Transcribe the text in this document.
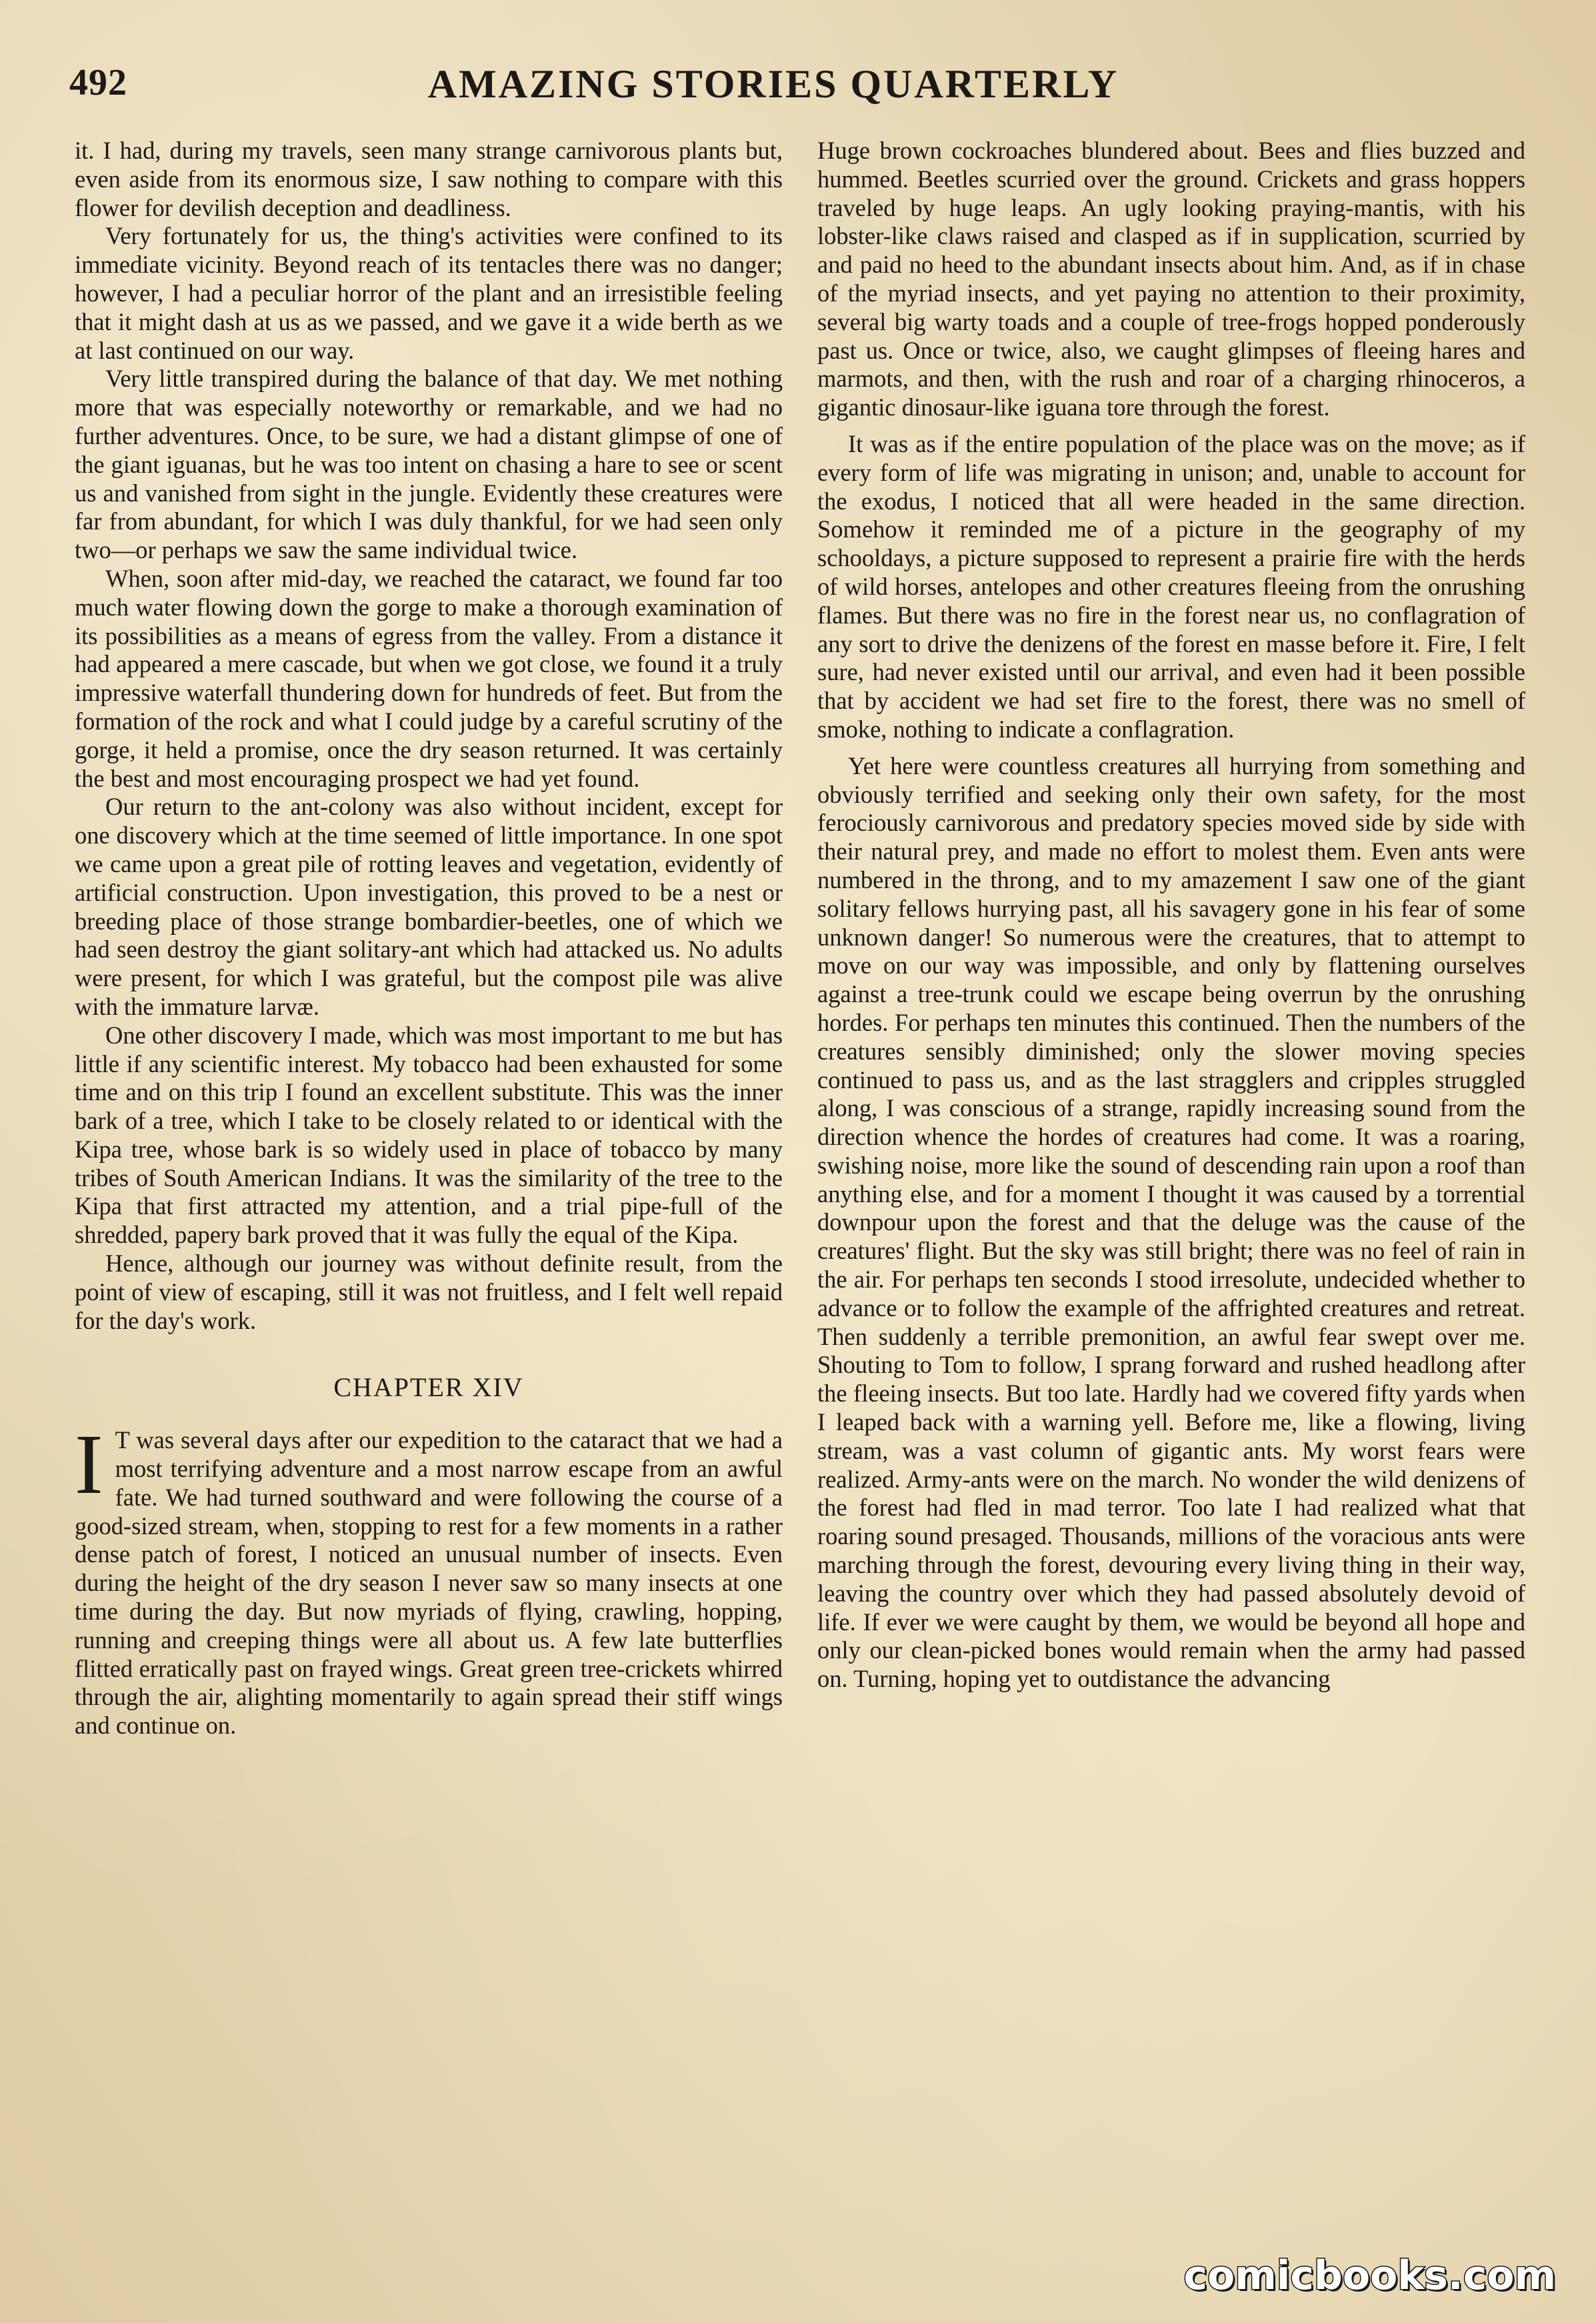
492	AMAZING STORIES QUARTERLY

it. I had, during my travels, seen many strange carnivorous plants but, even aside from its enormous size, I saw nothing to compare with this flower for devilish deception and deadliness.

Very fortunately for us, the thing's activities were confined to its immediate vicinity. Beyond reach of its tentacles there was no danger; however, I had a peculiar horror of the plant and an irresistible feeling that it might dash at us as we passed, and we gave it a wide berth as we at last continued on our way.

Very little transpired during the balance of that day. We met nothing more that was especially noteworthy or remarkable, and we had no further adventures. Once, to be sure, we had a distant glimpse of one of the giant iguanas, but he was too intent on chasing a hare to see or scent us and vanished from sight in the jungle. Evidently these creatures were far from abundant, for which I was duly thankful, for we had seen only two—or perhaps we saw the same individual twice.

When, soon after mid-day, we reached the cataract, we found far too much water flowing down the gorge to make a thorough examination of its possibilities as a means of egress from the valley. From a distance it had appeared a mere cascade, but when we got close, we found it a truly impressive waterfall thundering down for hundreds of feet. But from the formation of the rock and what I could judge by a careful scrutiny of the gorge, it held a promise, once the dry season returned. It was certainly the best and most encouraging prospect we had yet found.

Our return to the ant-colony was also without incident, except for one discovery which at the time seemed of little importance. In one spot we came upon a great pile of rotting leaves and vegetation, evidently of artificial construction. Upon investigation, this proved to be a nest or breeding place of those strange bombardier-beetles, one of which we had seen destroy the giant solitary-ant which had attacked us. No adults were present, for which I was grateful, but the compost pile was alive with the immature larvæ.

One other discovery I made, which was most important to me but has little if any scientific interest. My tobacco had been exhausted for some time and on this trip I found an excellent substitute. This was the inner bark of a tree, which I take to be closely related to or identical with the Kipa tree, whose bark is so widely used in place of tobacco by many tribes of South American Indians. It was the similarity of the tree to the Kipa that first attracted my attention, and a trial pipe-full of the shredded, papery bark proved that it was fully the equal of the Kipa.

Hence, although our journey was without definite result, from the point of view of escaping, still it was not fruitless, and I felt well repaid for the day's work.

CHAPTER XIV

I T was several days after our expedition to the cataract that we had a most terrifying adventure and a most narrow escape from an awful fate. We had turned southward and were following the course of a good-sized stream, when, stopping to rest for a few moments in a rather dense patch of forest, I noticed an unusual number of insects. Even during the height of the dry season I never saw so many insects at one time during the day. But now myriads of flying, crawling, hopping, running and creeping things were all about us. A few late butterflies flitted erratically past on frayed wings. Great green tree-crickets whirred through the air, alighting momentarily to again spread their stiff wings and continue on.

Huge brown cockroaches blundered about. Bees and flies buzzed and hummed. Beetles scurried over the ground. Crickets and grass hoppers traveled by huge leaps. An ugly looking praying-mantis, with his lobster-like claws raised and clasped as if in supplication, scurried by and paid no heed to the abundant insects about him. And, as if in chase of the myriad insects, and yet paying no attention to their proximity, several big warty toads and a couple of tree-frogs hopped ponderously past us. Once or twice, also, we caught glimpses of fleeing hares and marmots, and then, with the rush and roar of a charging rhinoceros, a gigantic dinosaur-like iguana tore through the forest.

It was as if the entire population of the place was on the move; as if every form of life was migrating in unison; and, unable to account for the exodus, I noticed that all were headed in the same direction. Somehow it reminded me of a picture in the geography of my schooldays, a picture supposed to represent a prairie fire with the herds of wild horses, antelopes and other creatures fleeing from the onrushing flames. But there was no fire in the forest near us, no conflagration of any sort to drive the denizens of the forest en masse before it. Fire, I felt sure, had never existed until our arrival, and even had it been possible that by accident we had set fire to the forest, there was no smell of smoke, nothing to indicate a conflagration.

Yet here were countless creatures all hurrying from something and obviously terrified and seeking only their own safety, for the most ferociously carnivorous and predatory species moved side by side with their natural prey, and made no effort to molest them. Even ants were numbered in the throng, and to my amazement I saw one of the giant solitary fellows hurrying past, all his savagery gone in his fear of some unknown danger! So numerous were the creatures, that to attempt to move on our way was impossible, and only by flattening ourselves against a tree-trunk could we escape being overrun by the onrushing hordes. For perhaps ten minutes this continued. Then the numbers of the creatures sensibly diminished; only the slower moving species continued to pass us, and as the last stragglers and cripples struggled along, I was conscious of a strange, rapidly increasing sound from the direction whence the hordes of creatures had come. It was a roaring, swishing noise, more like the sound of descending rain upon a roof than anything else, and for a moment I thought it was caused by a torrential downpour upon the forest and that the deluge was the cause of the creatures' flight. But the sky was still bright; there was no feel of rain in the air. For perhaps ten seconds I stood irresolute, undecided whether to advance or to follow the example of the affrighted creatures and retreat. Then suddenly a terrible premonition, an awful fear swept over me. Shouting to Tom to follow, I sprang forward and rushed headlong after the fleeing insects. But too late. Hardly had we covered fifty yards when I leaped back with a warning yell. Before me, like a flowing, living stream, was a vast column of gigantic ants. My worst fears were realized. Army-ants were on the march. No wonder the wild denizens of the forest had fled in mad terror. Too late I had realized what that roaring sound presaged. Thousands, millions of the voracious ants were marching through the forest, devouring every living thing in their way, leaving the country over which they had passed absolutely devoid of life. If ever we were caught by them, we would be beyond all hope and only our clean-picked bones would remain when the army had passed on. Turning, hoping yet to outdistance the advancing

comicbooks.com
